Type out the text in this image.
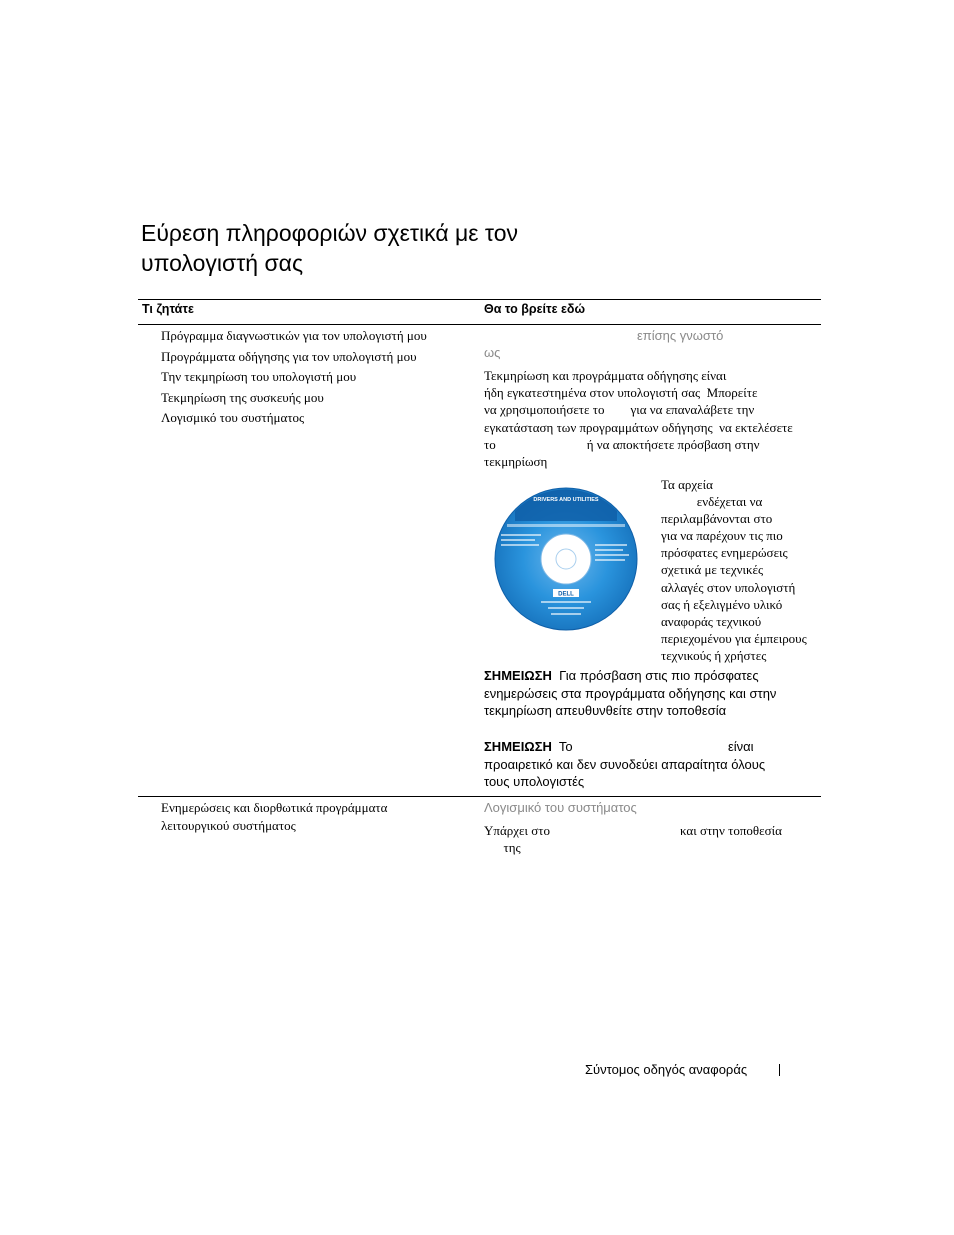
Εύρεση πληροφοριών σχετικά με τον
υπολογιστή σας
Τι ζητάτε	Θα το βρείτε εδώ
Πρόγραμμα διαγνωστικών για τον υπολογιστή μου
Προγράμματα οδήγησης για τον υπολογιστή μου
Την τεκμηρίωση του υπολογιστή μου
Τεκμηρίωση της συσκευής μου
Λογισμικό του συστήματος
επίσης γνωστό
ως
Τεκμηρίωση και προγράμματα οδήγησης είναι
ήδη εγκατεστημένα στον υπολογιστή σας  Μπορείτε
να χρησιμοποιήσετε το        για να επαναλάβετε την
εγκατάσταση των προγραμμάτων οδήγησης  να εκτελέσετε
το                            ή να αποκτήσετε πρόσβαση στην
τεκμηρίωση
DRIVERS AND UTILITIES
DELL
Τα αρχεία
ενδέχεται να
περιλαμβάνονται στο
για να παρέχουν τις πιο
πρόσφατες ενημερώσεις
σχετικά με τεχνικές
αλλαγές στον υπολογιστή
σας ή εξελιγμένο υλικό
αναφοράς τεχνικού
περιεχομένου για έμπειρους
τεχνικούς ή χρήστες
ΣΗΜΕΙΩΣΗ  Για πρόσβαση στις πιο πρόσφατες
ενημερώσεις στα προγράμματα οδήγησης και στην
τεκμηρίωση απευθυνθείτε στην τοποθεσία
ΣΗΜΕΙΩΣΗ  Το                                           είναι
προαιρετικό και δεν συνοδεύει απαραίτητα όλους
τους υπολογιστές
Ενημερώσεις και διορθωτικά προγράμματα
λειτουργικού συστήματος
Λογισμικό του συστήματος
Υπάρχει στο                                        και στην τοποθεσία
της
Σύντομος οδηγός αναφοράς
